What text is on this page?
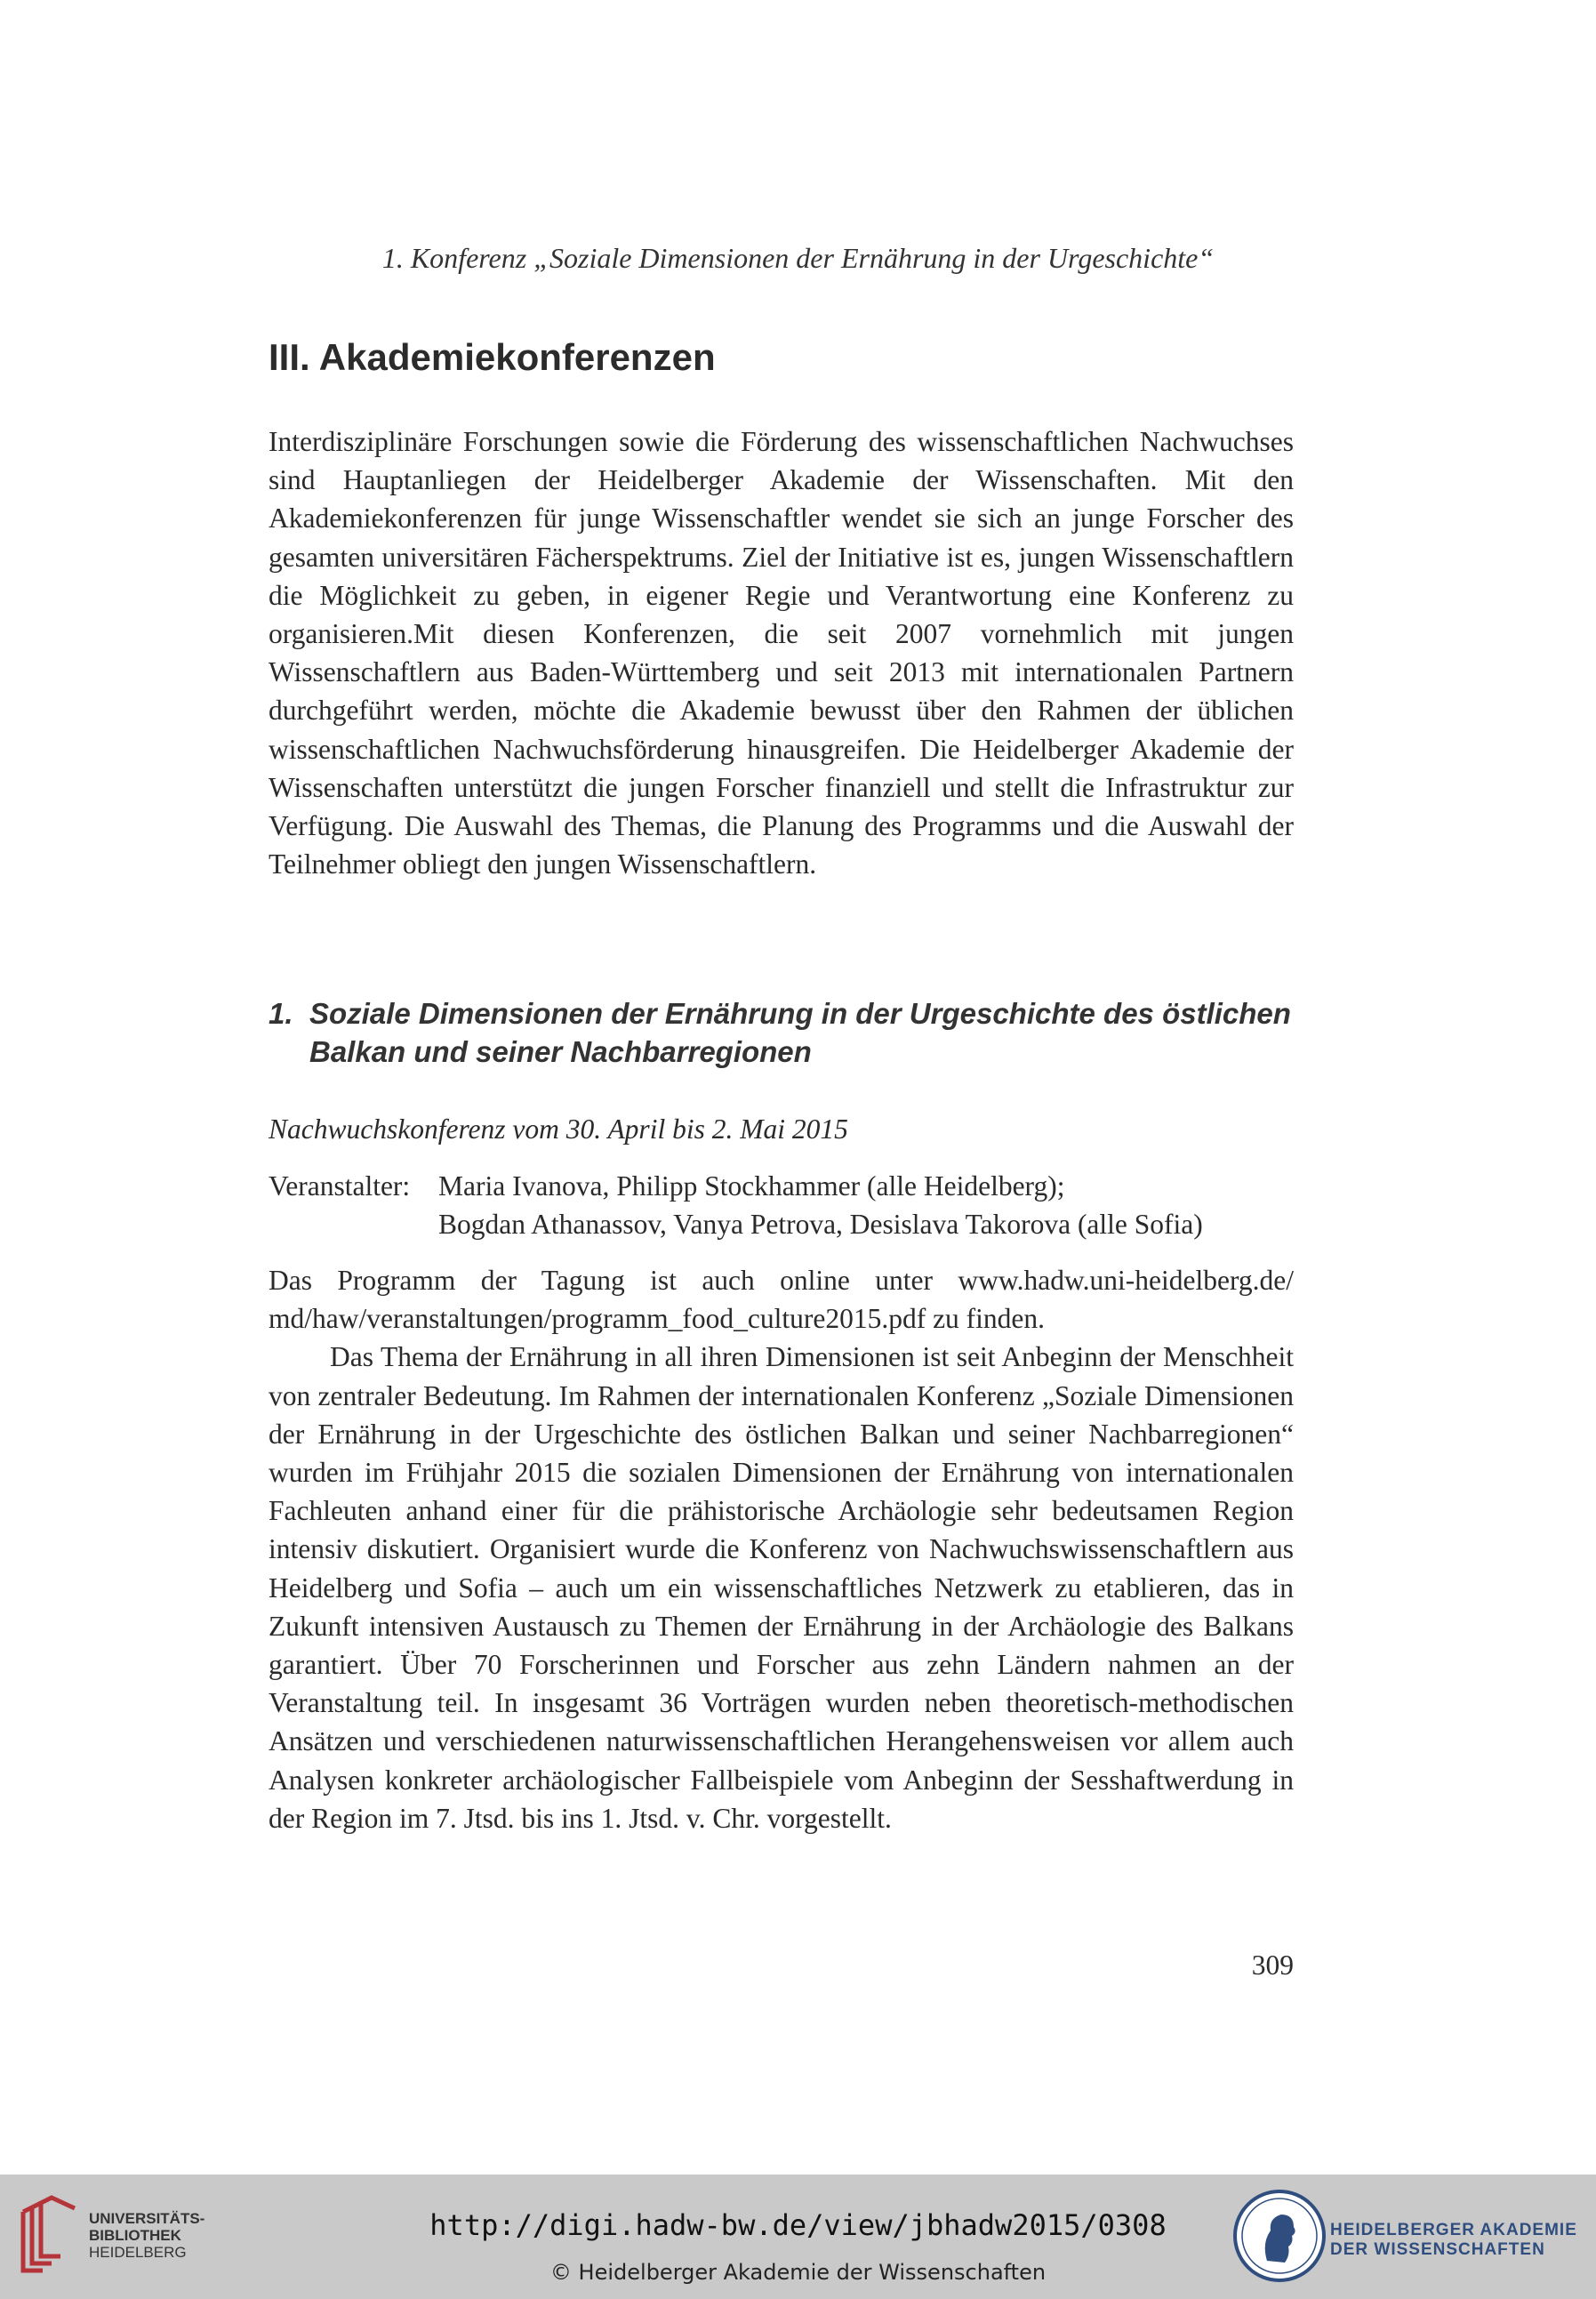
1. Konferenz „Soziale Dimensionen der Ernährung in der Urgeschichte“
III. Akademiekonferenzen

Interdisziplinäre Forschungen sowie die Förderung des wissenschaftlichen Nachwuchses sind Hauptanliegen der Heidelberger Akademie der Wissenschaften. Mit den Akademiekonferenzen für junge Wissenschaftler wendet sie sich an junge Forscher des gesamten universitären Fächerspektrums. Ziel der Initiative ist es, jungen Wissenschaftlern die Möglichkeit zu geben, in eigener Regie und Verantwortung eine Konferenz zu organisieren.Mit diesen Konferenzen, die seit 2007 vornehmlich mit jungen Wissenschaftlern aus Baden-Württemberg und seit 2013 mit internationalen Partnern durchgeführt werden, möchte die Akademie bewusst über den Rahmen der üblichen wissenschaftlichen Nachwuchsförderung hinausgreifen. Die Heidelberger Akademie der Wissenschaften unterstützt die jungen Forscher finanziell und stellt die Infrastruktur zur Verfügung. Die Auswahl des Themas, die Planung des Programms und die Auswahl der Teilnehmer obliegt den jungen Wissenschaftlern.

1. Soziale Dimensionen der Ernährung in der Urgeschichte des östlichen Balkan und seiner Nachbarregionen
Nachwuchskonferenz vom 30. April bis 2. Mai 2015
Veranstalter: Maria Ivanova, Philipp Stockhammer (alle Heidelberg);
Bogdan Athanassov, Vanya Petrova, Desislava Takorova (alle Sofia)

Das Programm der Tagung ist auch online unter www.hadw.uni-heidelberg.de/​md/haw/veranstaltungen/programm_food_culture2015.pdf zu finden.

Das Thema der Ernährung in all ihren Dimensionen ist seit Anbeginn der Menschheit von zentraler Bedeutung. Im Rahmen der internationalen Konferenz „Soziale Dimensionen der Ernährung in der Urgeschichte des östlichen Balkan und seiner Nachbarregionen“ wurden im Frühjahr 2015 die sozialen Dimensionen der Ernährung von internationalen Fachleuten anhand einer für die prähistorische Archäologie sehr bedeutsamen Region intensiv diskutiert. Organisiert wurde die Konferenz von Nachwuchswissenschaftlern aus Heidelberg und Sofia – auch um ein wissenschaftliches Netzwerk zu etablieren, das in Zukunft intensiven Austausch zu Themen der Ernährung in der Archäologie des Balkans garantiert. Über 70 Forscherinnen und Forscher aus zehn Ländern nahmen an der Veranstaltung teil. In insgesamt 36 Vorträgen wurden neben theoretisch-methodischen Ansätzen und verschiedenen naturwissenschaftlichen Herangehensweisen vor allem auch Analysen konkreter archäologischer Fallbeispiele vom Anbeginn der Sesshaftwerdung in der Region im 7. Jtsd. bis ins 1. Jtsd. v. Chr. vorgestellt.

309
UNIVERSITÄTS-
BIBLIOTHEK
HEIDELBERG
http://digi.hadw-bw.de/view/jbhadw2015/0308
© Heidelberger Akademie der Wissenschaften
HEIDELBERGER AKADEMIE
DER WISSENSCHAFTEN
